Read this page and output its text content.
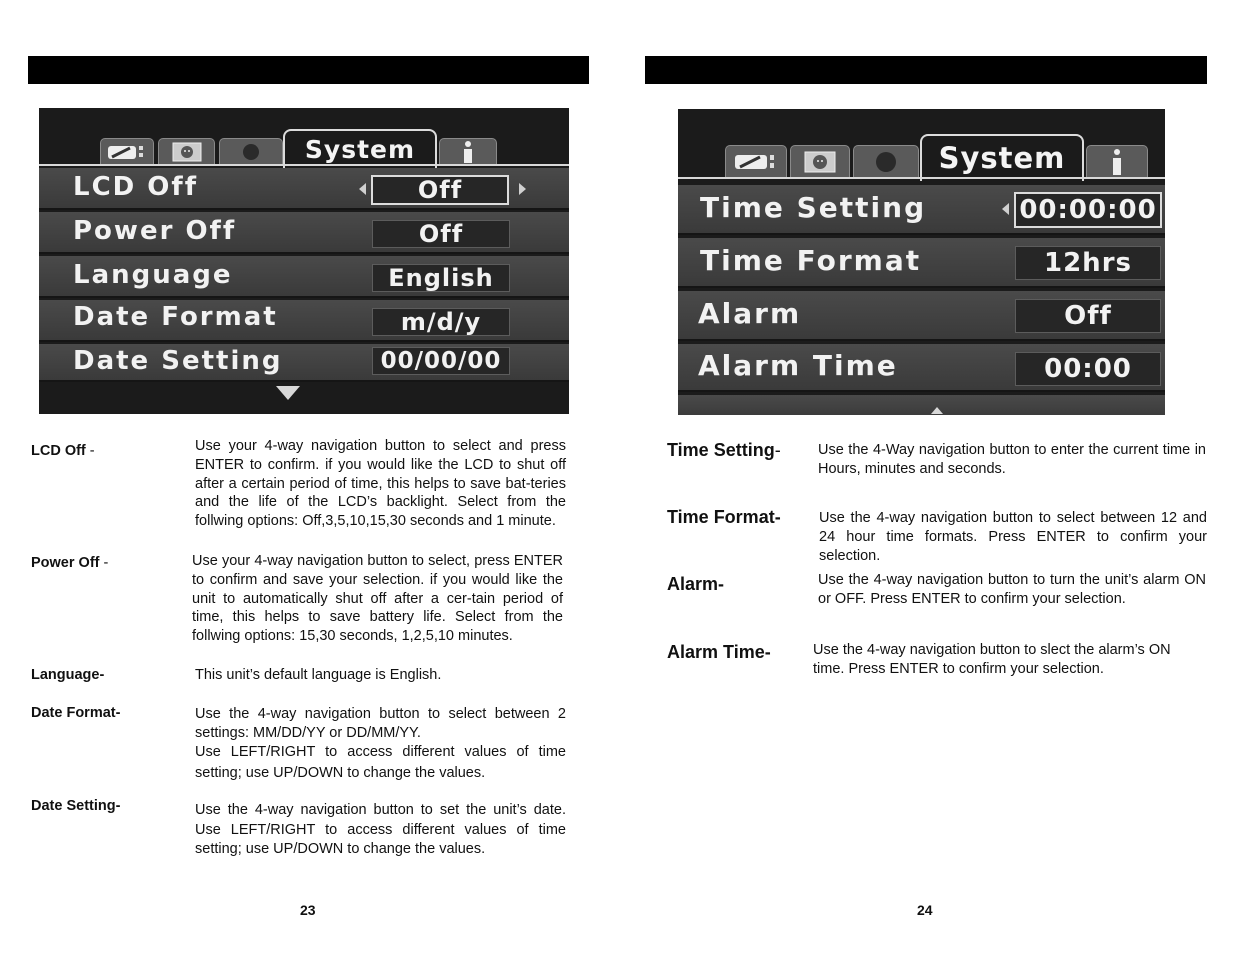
System
LCD Off	Off
Power Off	Off
Language	English
Date Format	m/d/y
Date Setting	00/00/00
System
Time Setting	00:00:00
Time Format	12hrs
Alarm	Off
Alarm Time	00:00
LCD Off -	Use your 4-way navigation button to select and press ENTER to confirm. if you would like the LCD to shut off after a certain period of time, this helps to save bat-teries and the life of the LCD’s backlight. Select from the follwing options: Off,3,5,10,15,30 seconds and 1 minute.
Power Off -	Use your 4-way navigation button to select, press ENTER to confirm and save your selection. if you would like the unit to automatically shut off after a cer-tain period of time, this helps to save battery life. Select from the follwing options: 15,30 seconds, 1,2,5,10 minutes.
Language-	This unit’s default language is English.
Date Format-	Use the 4-way navigation button to select between 2 settings: MM/DD/YY or DD/MM/YY.
Use LEFT/RIGHT to access different values of time setting; use UP/DOWN to change the values.
Date Setting-	Use the 4-way navigation button to set the unit’s date. Use LEFT/RIGHT to access different values of time setting; use UP/DOWN to change the values.
23
Time Setting-	Use the 4-Way navigation button to enter the current time in Hours, minutes and seconds.
Time Format-	Use the 4-way navigation button to select between 12 and 24 hour time formats. Press ENTER to confirm your selection.
Alarm-	Use the 4-way navigation button to turn the unit’s alarm ON or OFF. Press ENTER to confirm your selection.
Alarm Time-	Use the 4-way navigation button to slect the alarm’s ON time. Press ENTER to confirm your selection.
24
